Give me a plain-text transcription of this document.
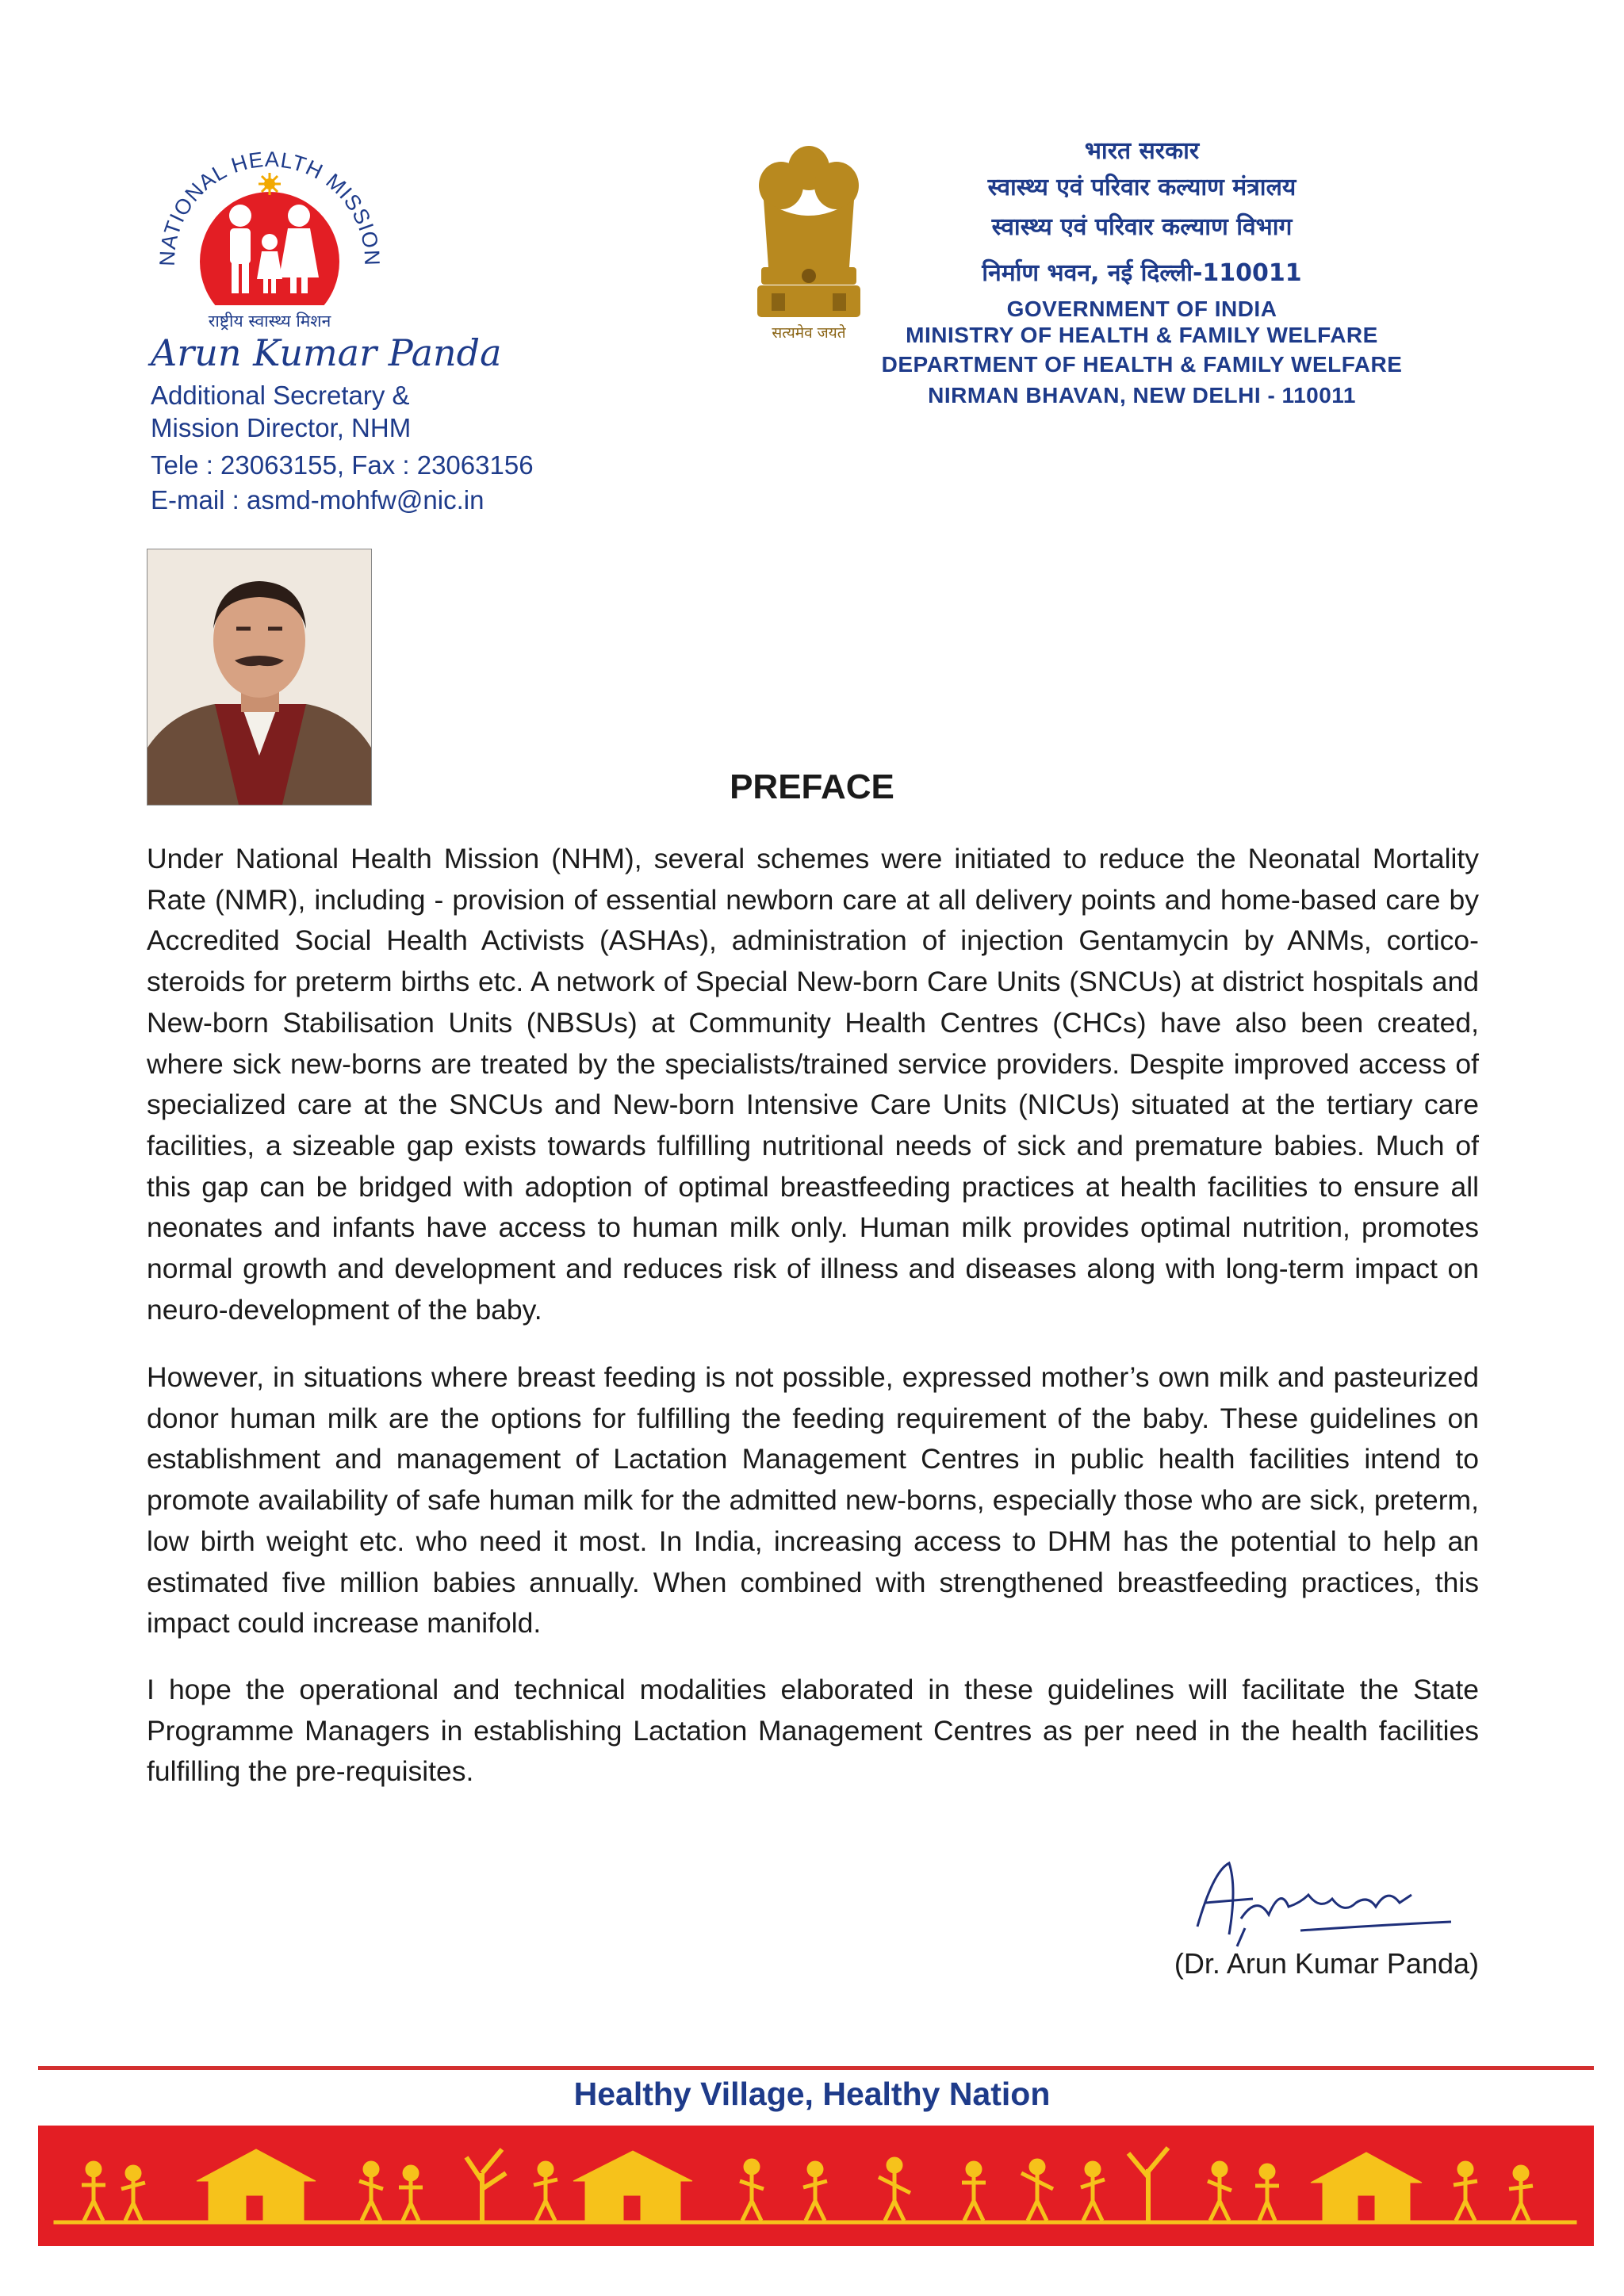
NATIONAL HEALTH MISSION
राष्ट्रीय स्वास्थ्य मिशन
Arun Kumar Panda
Additional Secretary &
Mission Director, NHM
Tele : 23063155, Fax : 23063156
E-mail : asmd-mohfw@nic.in
सत्यमेव जयते
भारत सरकार
स्वास्थ्य एवं परिवार कल्याण मंत्रालय
स्वास्थ्य एवं परिवार कल्याण विभाग
निर्माण भवन, नई दिल्ली-110011
GOVERNMENT OF INDIA
MINISTRY OF HEALTH & FAMILY WELFARE
DEPARTMENT OF HEALTH & FAMILY WELFARE
NIRMAN BHAVAN, NEW DELHI - 110011
PREFACE

Under National Health Mission (NHM), several schemes were initiated to reduce the Neonatal Mortality Rate (NMR), including - provision of essential newborn care at all delivery points and home-based care by Accredited Social Health Activists (ASHAs), administration of injection Gentamycin by ANMs, cortico-steroids for preterm births etc. A network of Special New-born Care Units (SNCUs) at district hospitals and New-born Stabilisation Units (NBSUs) at Community Health Centres (CHCs) have also been created, where sick new-borns are treated by the specialists/trained service providers. Despite improved access of specialized care at the SNCUs and New-born Intensive Care Units (NICUs) situated at the tertiary care facilities, a sizeable gap exists towards fulfilling nutritional needs of sick and premature babies. Much of this gap can be bridged with adoption of optimal breastfeeding practices at health facilities to ensure all neonates and infants have access to human milk only. Human milk provides optimal nutrition, promotes normal growth and development and reduces risk of illness and diseases along with long-term impact on neuro-development of the baby.

However, in situations where breast feeding is not possible, expressed mother’s own milk and pasteurized donor human milk are the options for fulfilling the feeding requirement of the baby. These guidelines on establishment and management of Lactation Management Centres in public health facilities intend to promote availability of safe human milk for the admitted new-borns, especially those who are sick, preterm, low birth weight etc. who need it most. In India, increasing access to DHM has the potential to help an estimated five million babies annually. When combined with strengthened breastfeeding practices, this impact could increase manifold.

I hope the operational and technical modalities elaborated in these guidelines will facilitate the State Programme Managers in establishing Lactation Management Centres as per need in the health facilities fulfilling the pre-requisites.

(Dr. Arun Kumar Panda)
Healthy Village, Healthy Nation
